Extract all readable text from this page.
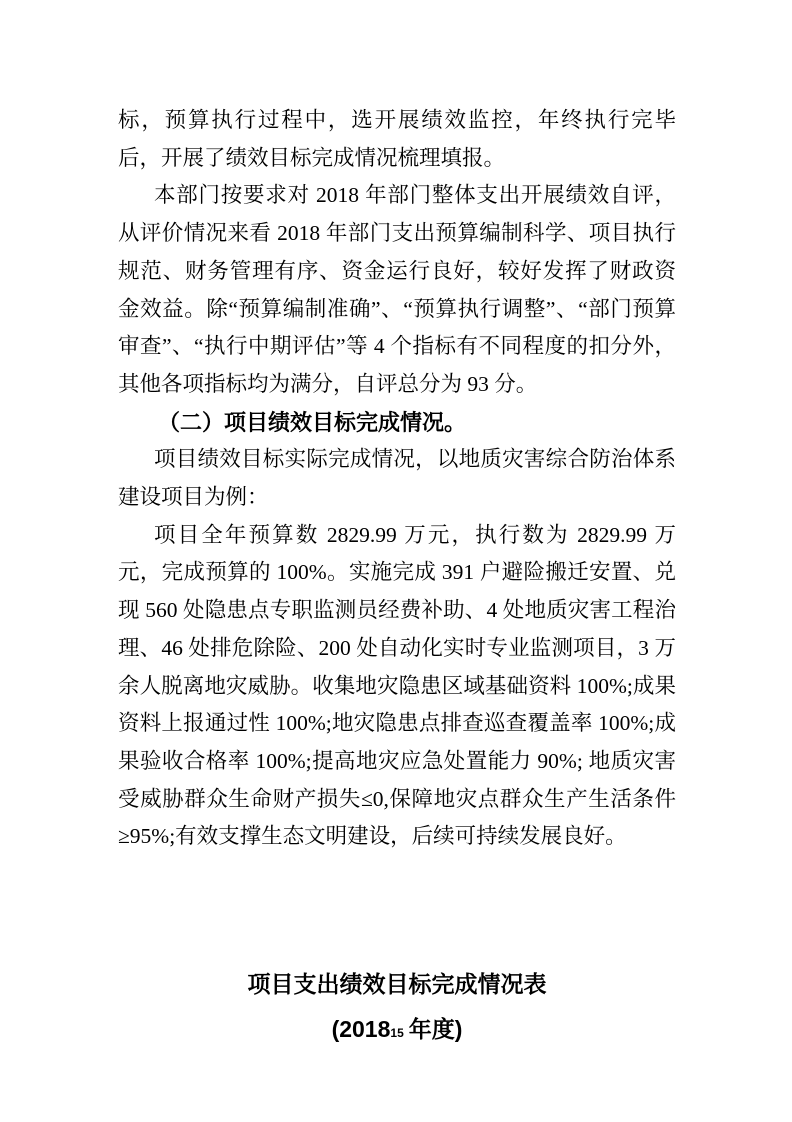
标，预算执行过程中，选开展绩效监控，年终执行完毕后，开展了绩效目标完成情况梳理填报。

本部门按要求对 2018 年部门整体支出开展绩效自评，从评价情况来看 2018 年部门支出预算编制科学、项目执行规范、财务管理有序、资金运行良好，较好发挥了财政资金效益。除“预算编制准确”、“预算执行调整”、“部门预算审查”、“执行中期评估”等 4 个指标有不同程度的扣分外，其他各项指标均为满分，自评总分为 93 分。

（二）项目绩效目标完成情况。

项目绩效目标实际完成情况，以地质灾害综合防治体系建设项目为例：

项目全年预算数 2829.99 万元，执行数为 2829.99 万元，完成预算的 100%。实施完成 391 户避险搬迁安置、兑现 560 处隐患点专职监测员经费补助、4 处地质灾害工程治理、46 处排危除险、200 处自动化实时专业监测项目，3 万余人脱离地灾威胁。收集地灾隐患区域基础资料 100%;成果资料上报通过性 100%;地灾隐患点排查巡查覆盖率 100%;成果验收合格率 100%;提高地灾应急处置能力 90%; 地质灾害受威胁群众生命财产损失≤0,保障地灾点群众生产生活条件≥95%;有效支撑生态文明建设，后续可持续发展良好。

项目支出绩效目标完成情况表
(201815 年度)
